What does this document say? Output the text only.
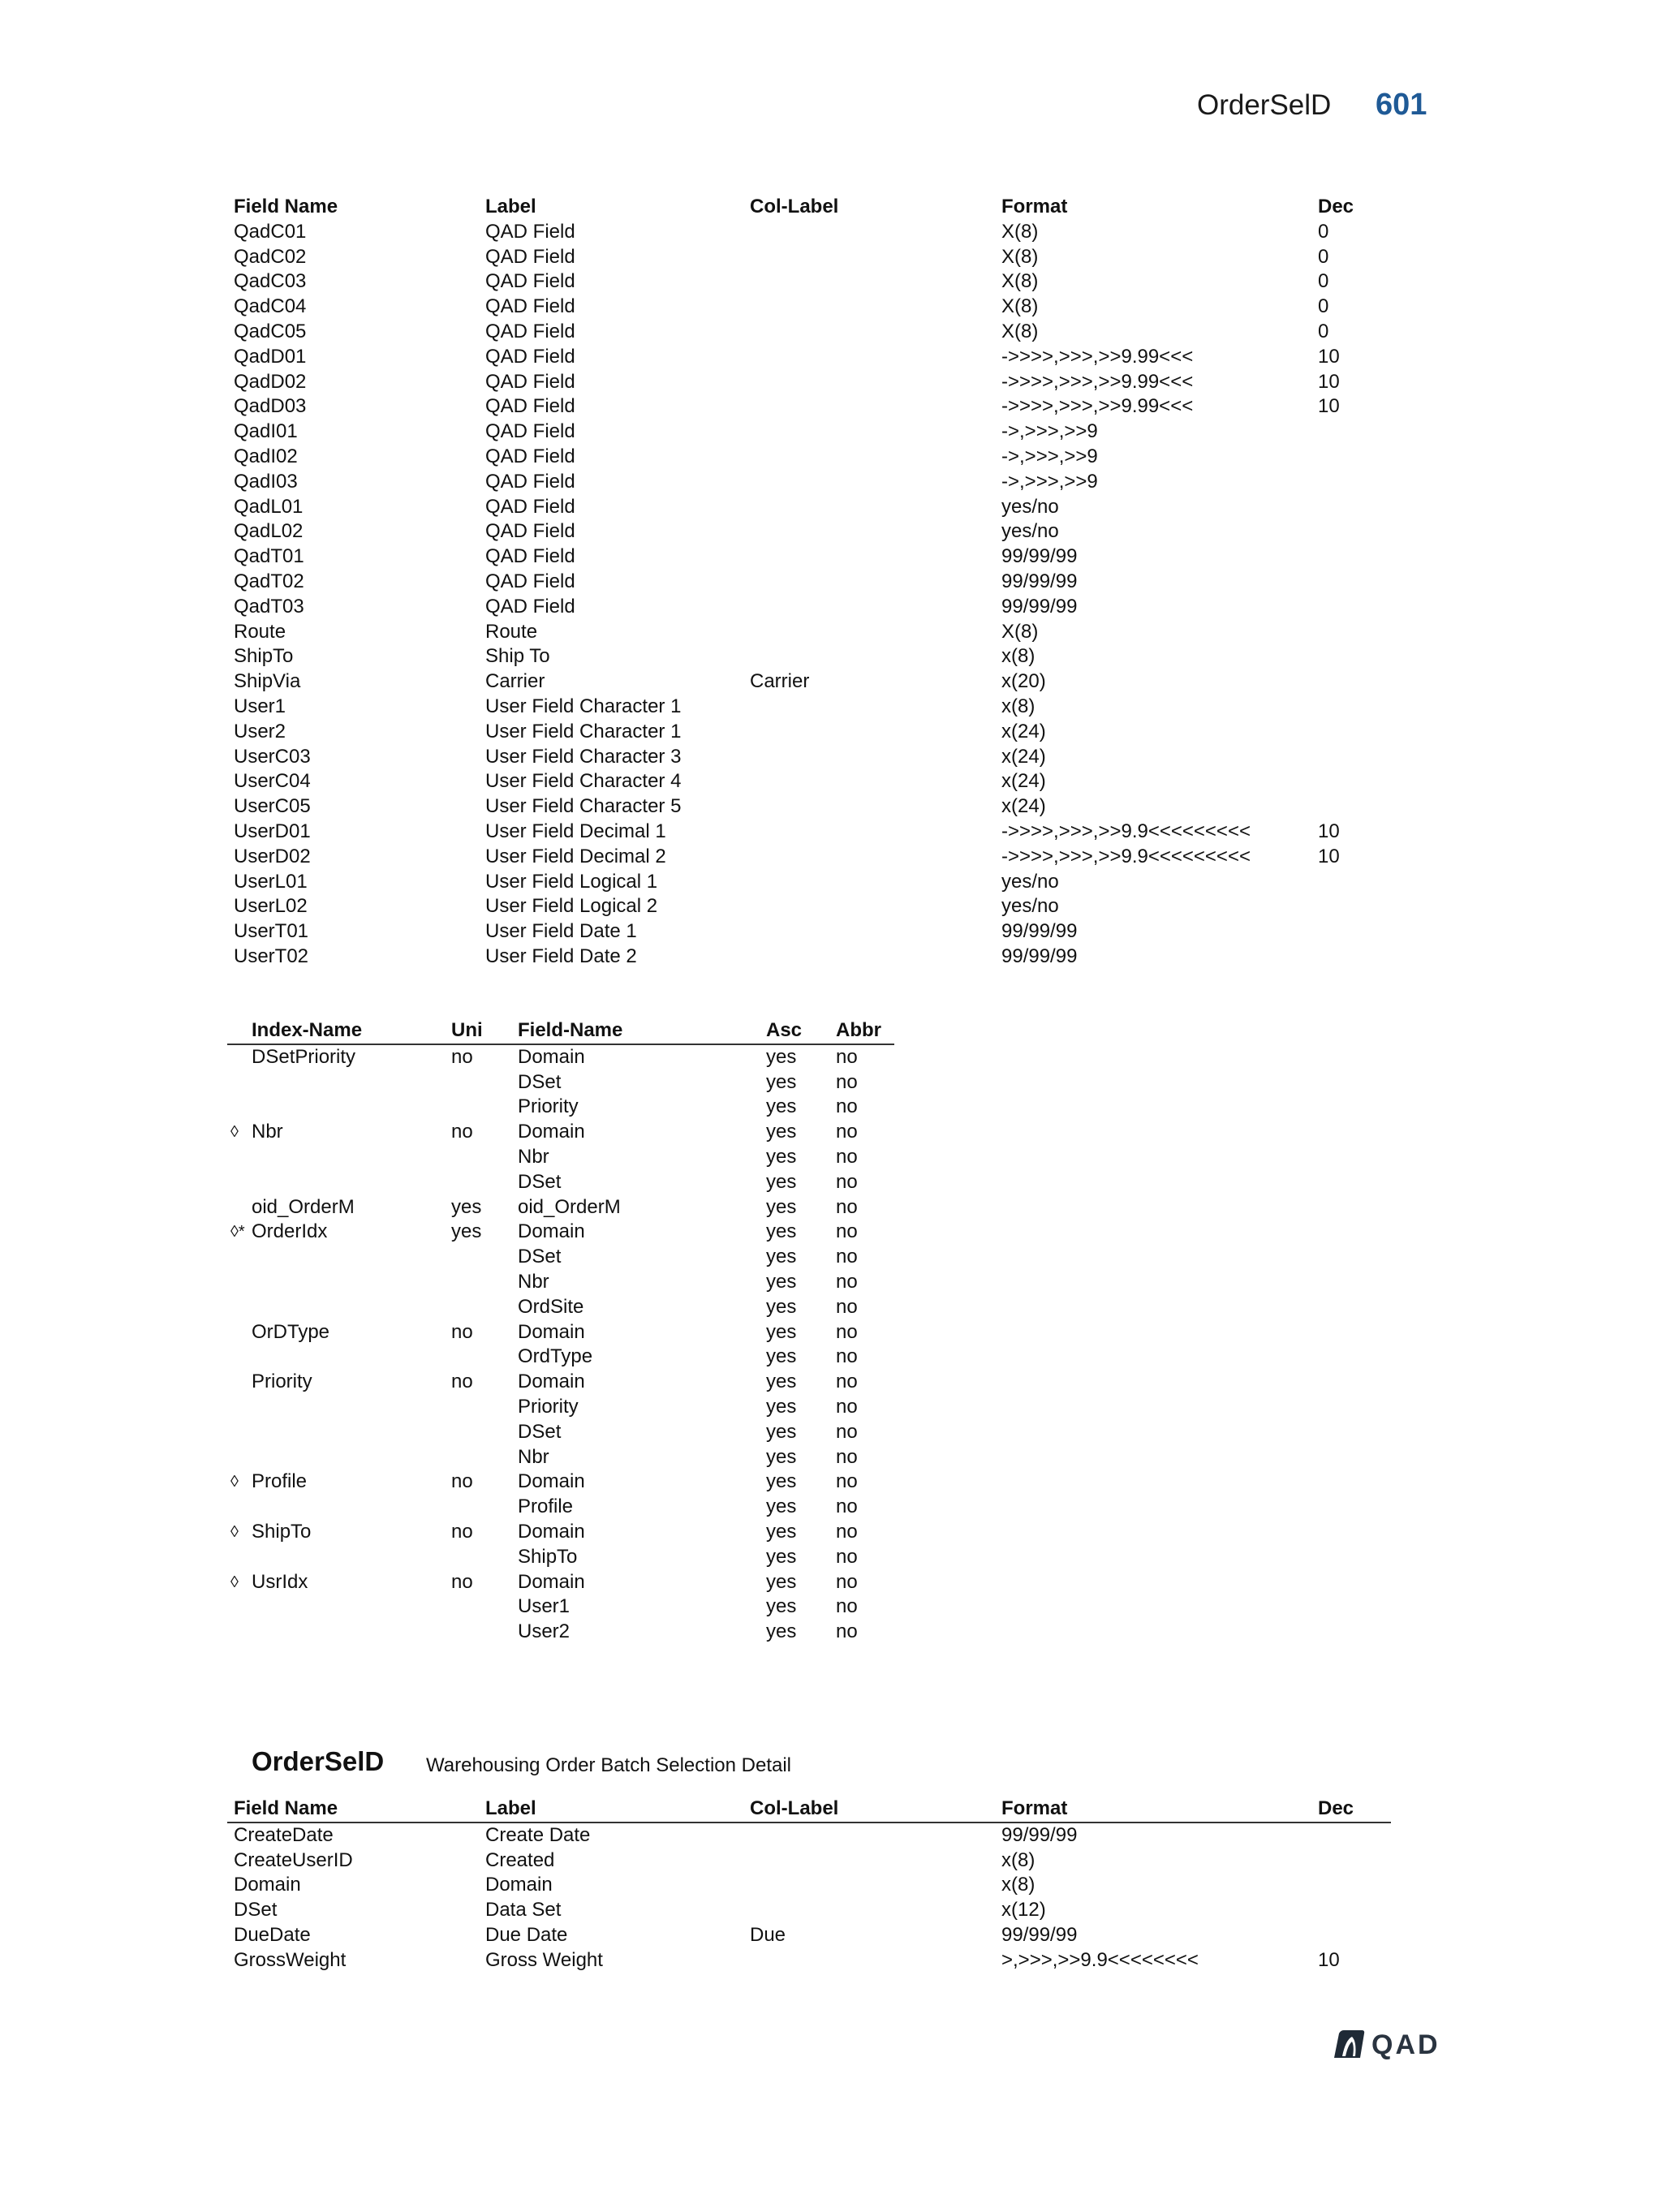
OrderSelD 601
		Field Name	Label	Col-Label	Format	Dec
		QadC01	QAD Field		X(8)	0
		QadC02	QAD Field		X(8)	0
		QadC03	QAD Field		X(8)	0
		QadC04	QAD Field		X(8)	0
		QadC05	QAD Field		X(8)	0
		QadD01	QAD Field		->>>>,>>>,>>9.99<<<	10
		QadD02	QAD Field		->>>>,>>>,>>9.99<<<	10
		QadD03	QAD Field		->>>>,>>>,>>9.99<<<	10
		QadI01	QAD Field		->,>>>,>>9	
		QadI02	QAD Field		->,>>>,>>9	
		QadI03	QAD Field		->,>>>,>>9	
		QadL01	QAD Field		yes/no	
		QadL02	QAD Field		yes/no	
		QadT01	QAD Field		99/99/99	
		QadT02	QAD Field		99/99/99	
		QadT03	QAD Field		99/99/99	
		Route	Route		X(8)	
		ShipTo	Ship To		x(8)	
		ShipVia	Carrier	Carrier	x(20)	
		User1	User Field Character 1		x(8)	
		User2	User Field Character 1		x(24)	
		UserC03	User Field Character 3		x(24)	
		UserC04	User Field Character 4		x(24)	
		UserC05	User Field Character 5		x(24)	
		UserD01	User Field Decimal 1		->>>>,>>>,>>9.9<<<<<<<<<	10
		UserD02	User Field Decimal 2		->>>>,>>>,>>9.9<<<<<<<<<	10
		UserL01	User Field Logical 1		yes/no	
		UserL02	User Field Logical 2		yes/no	
		UserT01	User Field Date 1		99/99/99	
		UserT02	User Field Date 2		99/99/99	
	Index-Name	Uni	Field-Name	Asc	Abbr
	DSetPriority	no	Domain	yes	no
			DSet	yes	no
			Priority	yes	no
◊	Nbr	no	Domain	yes	no
			Nbr	yes	no
			DSet	yes	no
	oid_OrderM	yes	oid_OrderM	yes	no
◊*	OrderIdx	yes	Domain	yes	no
			DSet	yes	no
			Nbr	yes	no
			OrdSite	yes	no
	OrDType	no	Domain	yes	no
			OrdType	yes	no
	Priority	no	Domain	yes	no
			Priority	yes	no
			DSet	yes	no
			Nbr	yes	no
◊	Profile	no	Domain	yes	no
			Profile	yes	no
◊	ShipTo	no	Domain	yes	no
			ShipTo	yes	no
◊	UsrIdx	no	Domain	yes	no
			User1	yes	no
			User2	yes	no
OrderSelD Warehousing Order Batch Selection Detail
		Field Name	Label	Col-Label	Format	Dec
		CreateDate	Create Date		99/99/99	
		CreateUserID	Created		x(8)	
		Domain	Domain		x(8)	
		DSet	Data Set		x(12)	
		DueDate	Due Date	Due	99/99/99	
		GrossWeight	Gross Weight		>,>>>,>>9.9<<<<<<<<	10
QAD
